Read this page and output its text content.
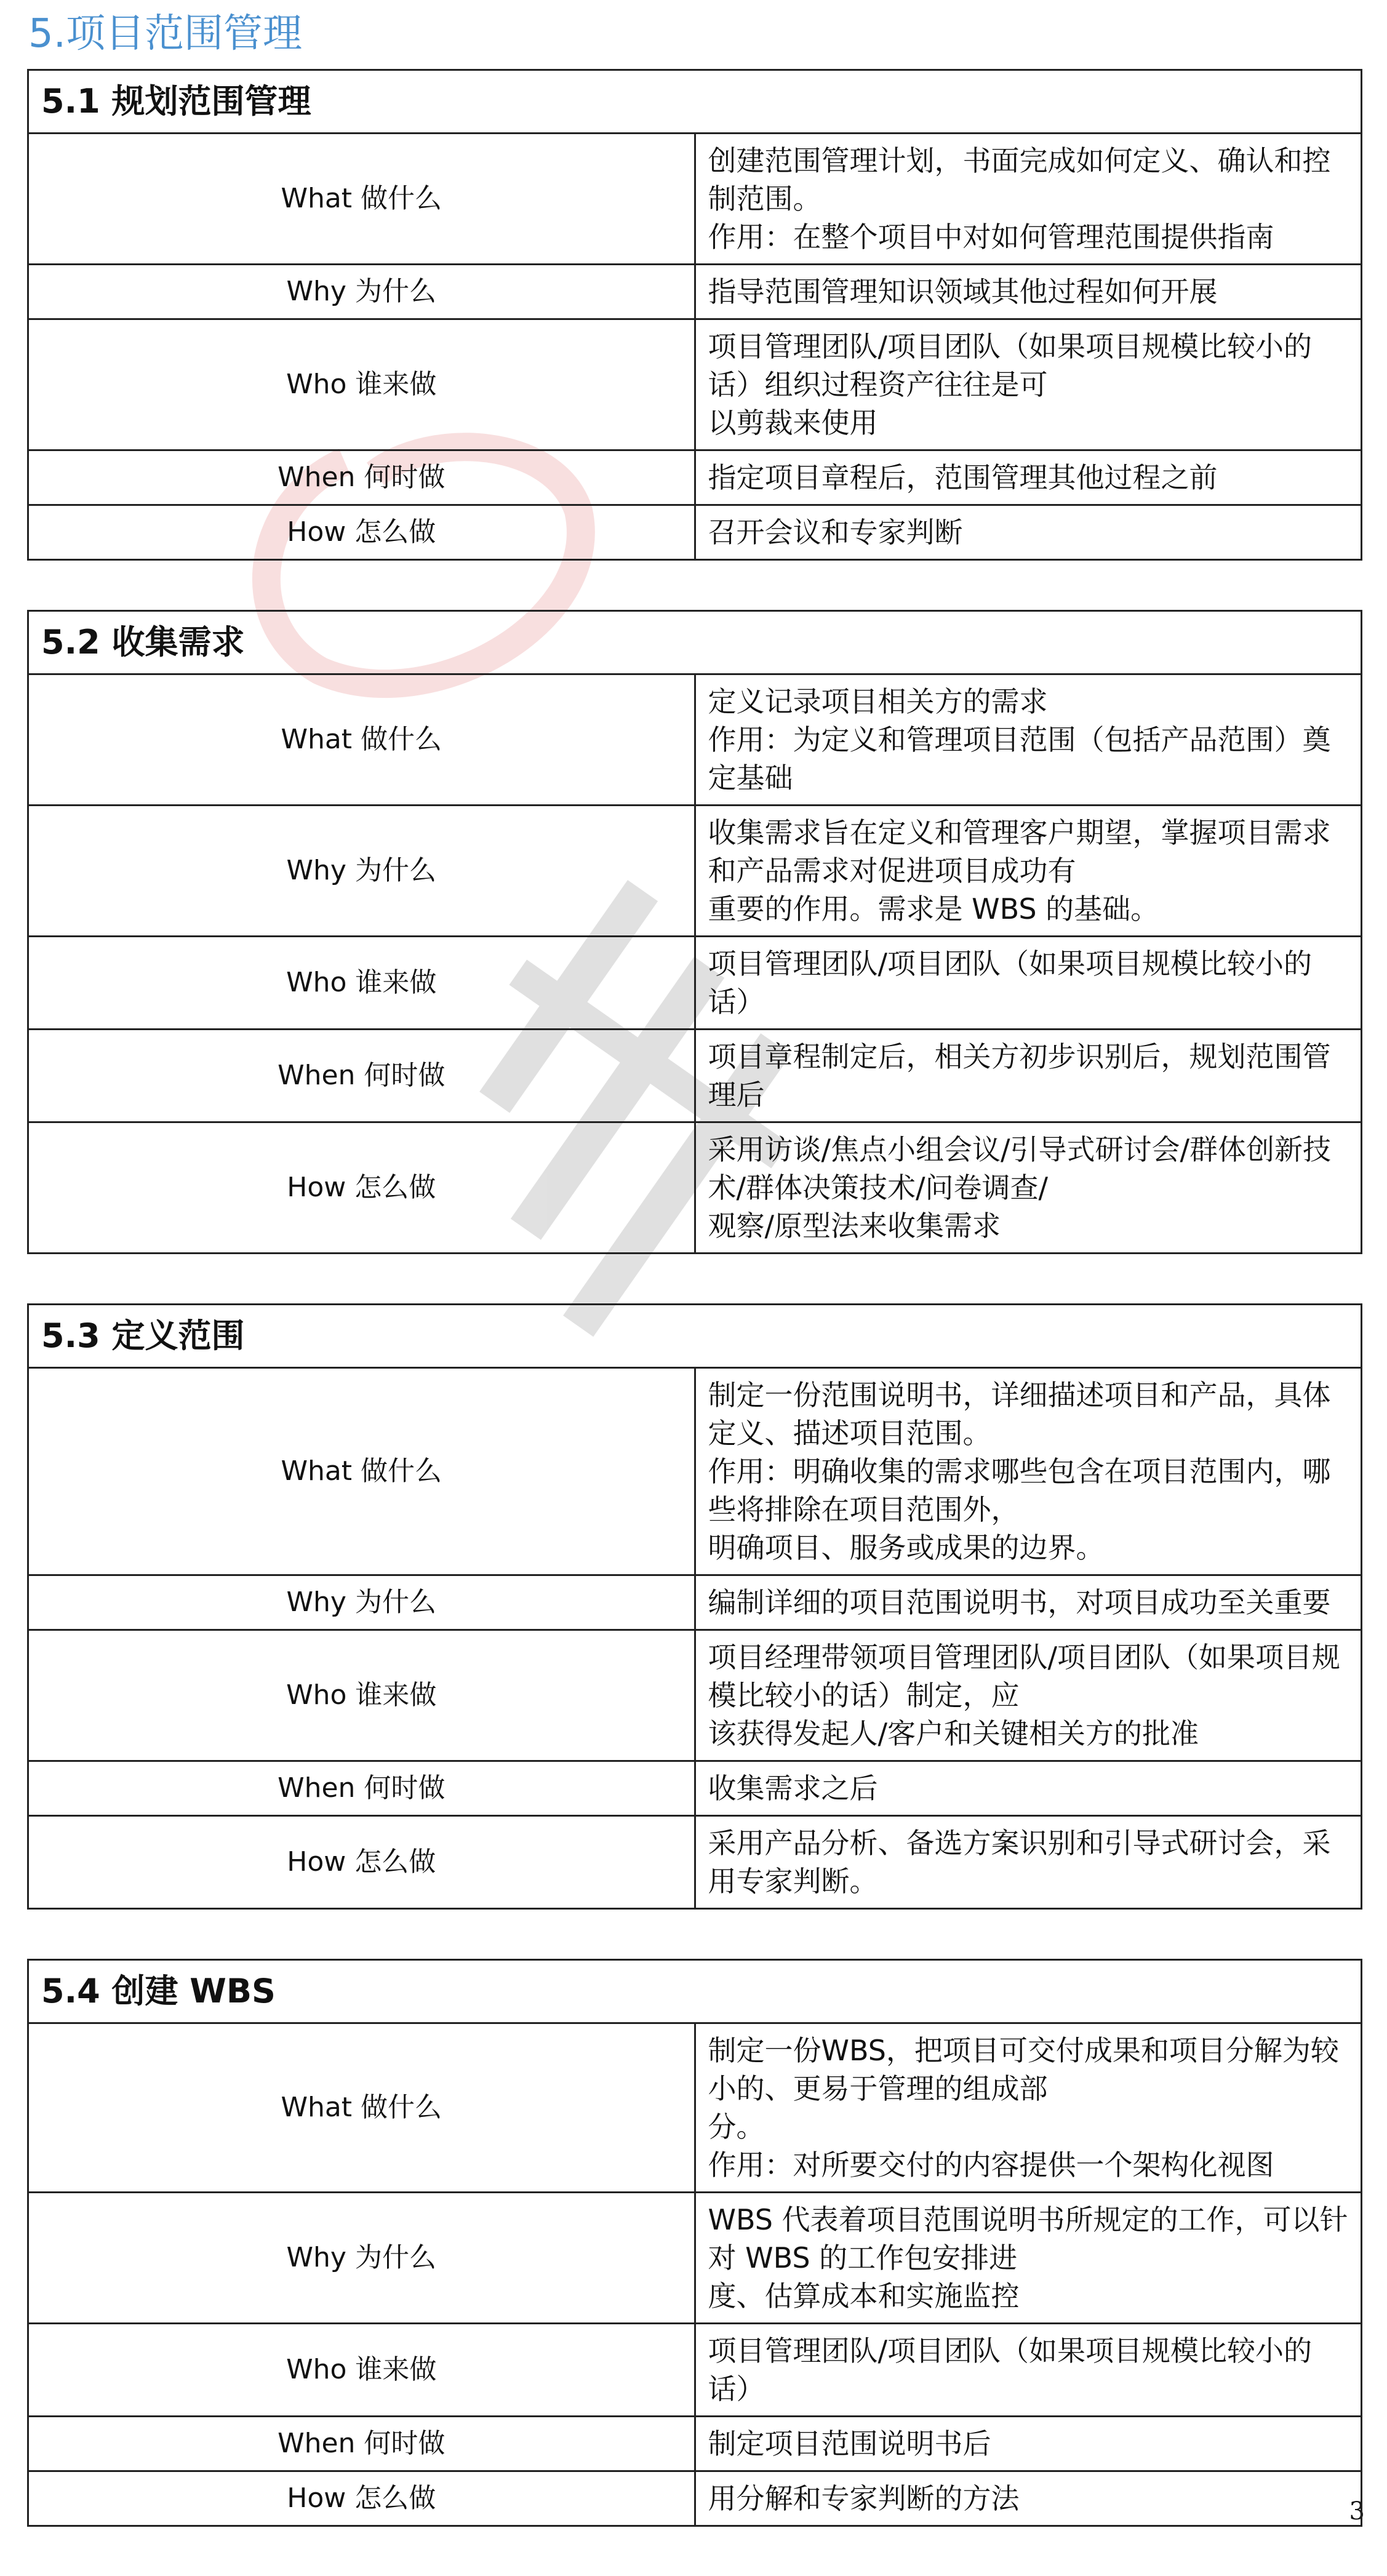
5.项目范围管理
5.1 规划范围管理	
What 做什么	创建范围管理计划，书面完成如何定义、确认和控制范围。
作用：在整个项目中对如何管理范围提供指南

Why 为什么	指导范围管理知识领域其他过程如何开展

Who 谁来做	项目管理团队/项目团队（如果项目规模比较小的话）组织过程资产往往是可
以剪裁来使用

When 何时做	指定项目章程后，范围管理其他过程之前

How 怎么做	召开会议和专家判断
5.2 收集需求	
What 做什么	定义记录项目相关方的需求
作用：为定义和管理项目范围（包括产品范围）奠定基础

Why 为什么	收集需求旨在定义和管理客户期望，掌握项目需求和产品需求对促进项目成功有
重要的作用。需求是 WBS 的基础。

Who 谁来做	项目管理团队/项目团队（如果项目规模比较小的话）

When 何时做	项目章程制定后，相关方初步识别后，规划范围管理后

How 怎么做	采用访谈/焦点小组会议/引导式研讨会/群体创新技术/群体决策技术/问卷调查/
观察/原型法来收集需求
5.3 定义范围	
What 做什么	制定一份范围说明书，详细描述项目和产品，具体定义、描述项目范围。
作用：明确收集的需求哪些包含在项目范围内，哪些将排除在项目范围外，
明确项目、服务或成果的边界。

Why 为什么	编制详细的项目范围说明书，对项目成功至关重要

Who 谁来做	项目经理带领项目管理团队/项目团队（如果项目规模比较小的话）制定，应
该获得发起人/客户和关键相关方的批准

When 何时做	收集需求之后

How 怎么做	采用产品分析、备选方案识别和引导式研讨会，采用专家判断。
5.4 创建 WBS	
What 做什么	制定一份WBS，把项目可交付成果和项目分解为较小的、更易于管理的组成部
分。
作用：对所要交付的内容提供一个架构化视图

Why 为什么	WBS 代表着项目范围说明书所规定的工作，可以针对 WBS 的工作包安排进
度、估算成本和实施监控

Who 谁来做	项目管理团队/项目团队（如果项目规模比较小的话）

When 何时做	制定项目范围说明书后

How 怎么做	用分解和专家判断的方法	3
